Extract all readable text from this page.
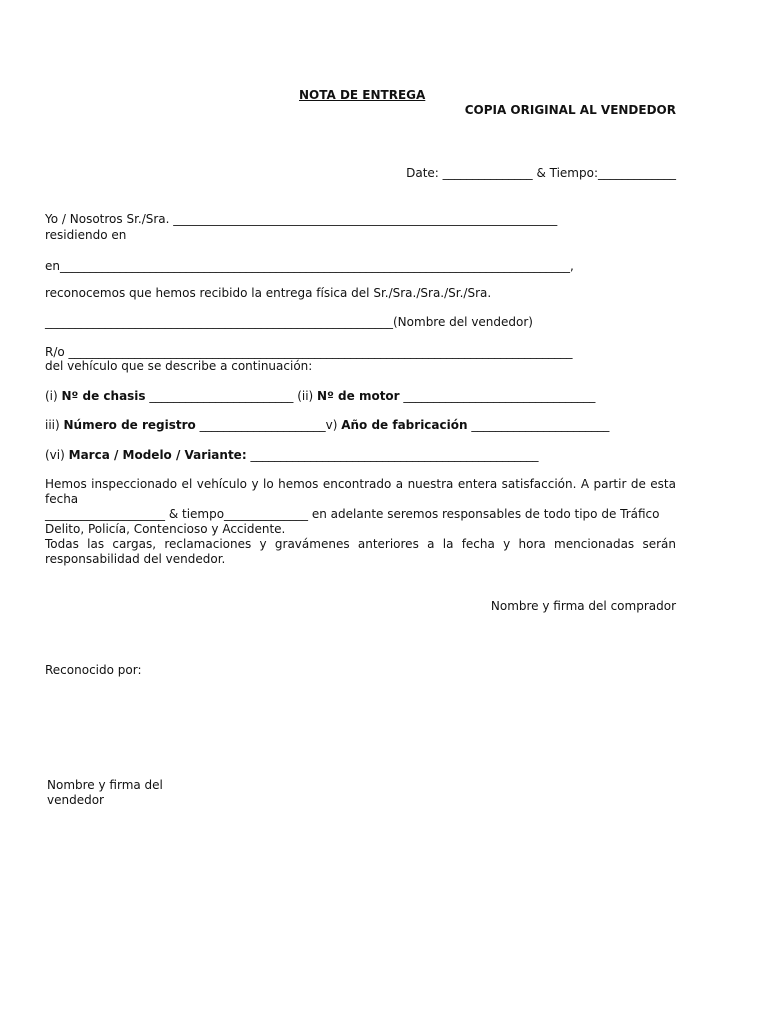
NOTA DE ENTREGA
COPIA ORIGINAL AL VENDEDOR
Date: _______________ & Tiempo:_____________
Yo / Nosotros Sr./Sra. ________________________________________________________________
residiendo en
en_____________________________________________________________________________________,
reconocemos que hemos recibido la entrega física del Sr./Sra./Sra./Sr./Sra.
__________________________________________________________(Nombre del vendedor)
R/o ____________________________________________________________________________________
del vehículo que se describe a continuación:
(i) Nº de chasis ________________________ (ii) Nº de motor ________________________________
iii) Número de registro _____________________v) Año de fabricación _______________________
(vi) Marca / Modelo / Variante: ________________________________________________
Hemos inspeccionado el vehículo y lo hemos encontrado a nuestra entera satisfacción. A partir de esta fecha
____________________ & tiempo______________ en adelante seremos responsables de todo tipo de Tráfico
Delito, Policía, Contencioso y Accidente.
Todas las cargas, reclamaciones y gravámenes anteriores a la fecha y hora mencionadas serán responsabilidad del vendedor.
Nombre y firma del comprador
Reconocido por:
Nombre y firma del
vendedor
